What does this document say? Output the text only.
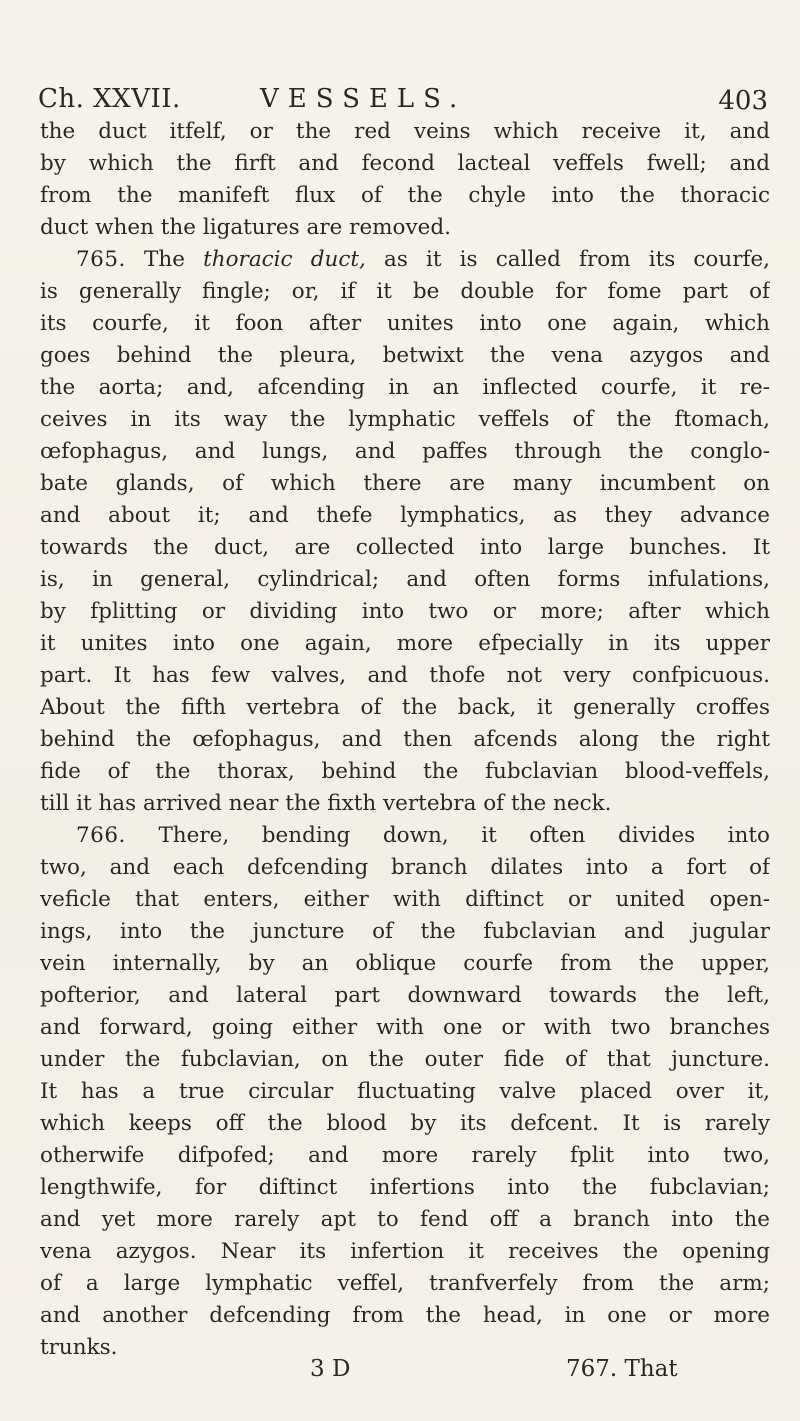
Ch. XXVII.	VESSELS.	403
the duct itfelf, or the red veins which receive it, and
by which the firft and fecond lacteal veffels fwell; and
from the manifeft flux of the chyle into the thoracic
duct when the ligatures are removed.
765. The thoracic duct, as it is called from its courfe,
is generally fingle; or, if it be double for fome part of
its courfe, it foon after unites into one again, which
goes behind the pleura, betwixt the vena azygos and
the aorta; and, afcending in an inflected courfe, it re-
ceives in its way the lymphatic veffels of the ftomach,
œfophagus, and lungs, and paffes through the conglo-
bate glands, of which there are many incumbent on
and about it; and thefe lymphatics, as they advance
towards the duct, are collected into large bunches. It
is, in general, cylindrical; and often forms infulations,
by fplitting or dividing into two or more; after which
it unites into one again, more efpecially in its upper
part. It has few valves, and thofe not very confpicuous.
About the fifth vertebra of the back, it generally croffes
behind the œfophagus, and then afcends along the right
fide of the thorax, behind the fubclavian blood-veffels,
till it has arrived near the fixth vertebra of the neck.
766. There, bending down, it often divides into
two, and each defcending branch dilates into a fort of
veficle that enters, either with diftinct or united open-
ings, into the juncture of the fubclavian and jugular
vein internally, by an oblique courfe from the upper,
pofterior, and lateral part downward towards the left,
and forward, going either with one or with two branches
under the fubclavian, on the outer fide of that juncture.
It has a true circular fluctuating valve placed over it,
which keeps off the blood by its defcent. It is rarely
otherwife difpofed; and more rarely fplit into two,
lengthwife, for diftinct infertions into the fubclavian;
and yet more rarely apt to fend off a branch into the
vena azygos. Near its infertion it receives the opening
of a large lymphatic veffel, tranfverfely from the arm;
and another defcending from the head, in one or more
trunks.
3 D	767. That
